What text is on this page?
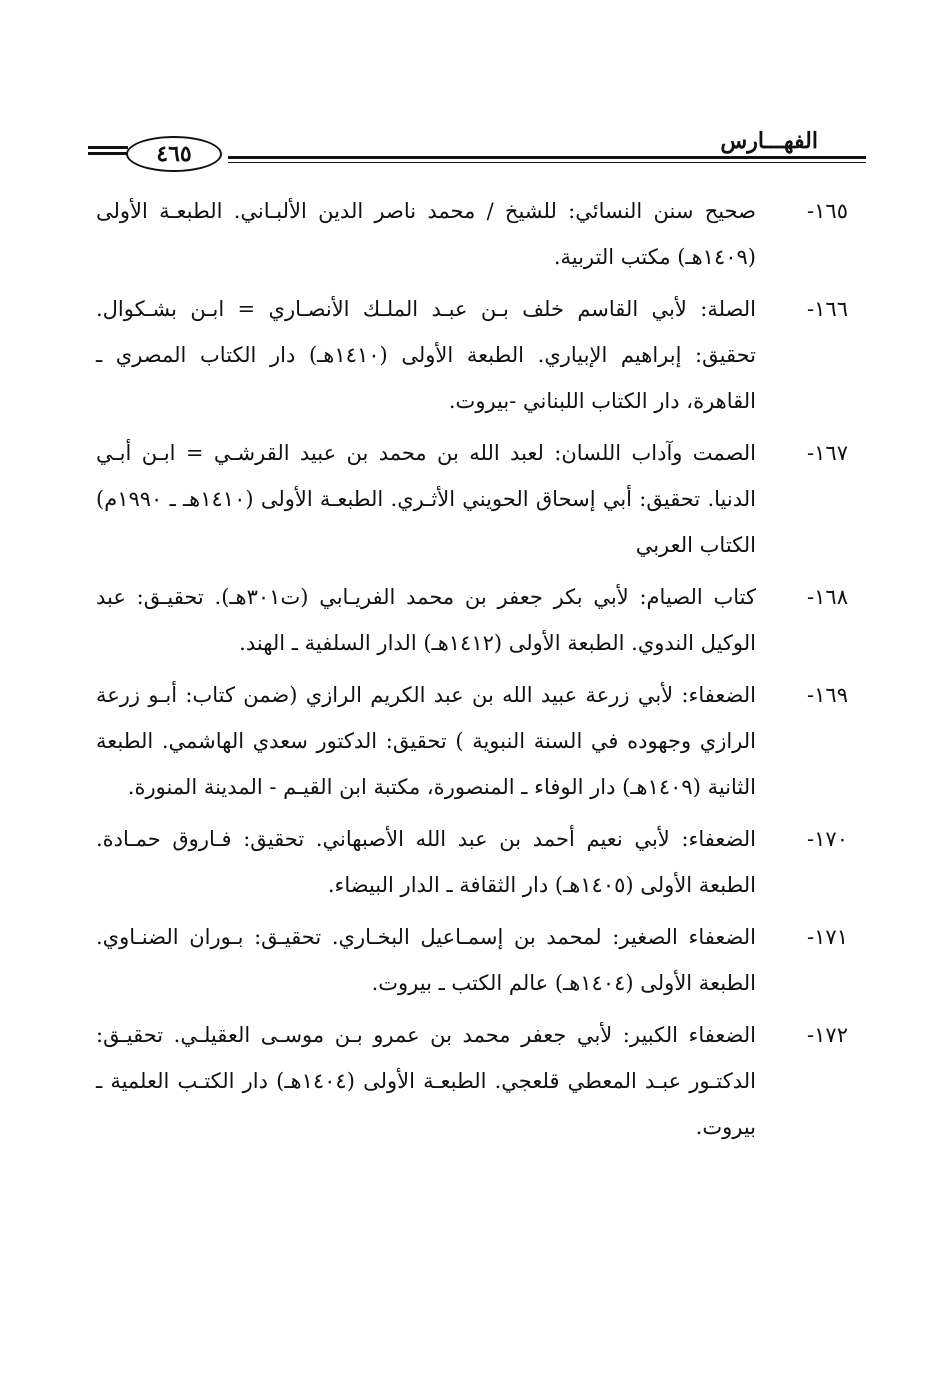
الفهـــارس
٤٦٥
١٦٥-
صحيح سنن النسائي: للشيخ / محمد ناصر الدين الألبـاني. الطبعـة الأولى (١٤٠٩هـ) مكتب التربية.
١٦٦-
الصلة: لأبي القاسم خلف بـن عبـد الملـك الأنصـاري = ابـن بشـكوال. تحقيق: إبراهيم الإبياري. الطبعة الأولى (١٤١٠هـ) دار الكتاب المصري ـ القاهرة، دار الكتاب اللبناني -بيروت.
١٦٧-
الصمت وآداب اللسان: لعبد الله بن محمد بن عبيد القرشـي = ابـن أبـي الدنيا. تحقيق: أبي إسحاق الحويني الأثـري. الطبعـة الأولى (١٤١٠هـ ـ ١٩٩٠م) الكتاب العربي
١٦٨-
كتاب الصيام: لأبي بكر جعفر بن محمد الفريـابي (ت٣٠١هـ). تحقيـق: عبد الوكيل الندوي. الطبعة الأولى (١٤١٢هـ) الدار السلفية ـ الهند.
١٦٩-
الضعفاء: لأبي زرعة عبيد الله بن عبد الكريم الرازي (ضمن كتاب: أبـو زرعة الرازي وجهوده في السنة النبوية ) تحقيق: الدكتور سعدي الهاشمي. الطبعة الثانية (١٤٠٩هـ) دار الوفاء ـ المنصورة، مكتبة ابن القيـم - المدينة المنورة.
١٧٠-
الضعفاء: لأبي نعيم أحمد بن عبد الله الأصبهاني. تحقيق: فـاروق حمـادة. الطبعة الأولى (١٤٠٥هـ) دار الثقافة ـ الدار البيضاء.
١٧١-
الضعفاء الصغير: لمحمد بن إسمـاعيل البخـاري. تحقيـق: بـوران الضنـاوي. الطبعة الأولى (١٤٠٤هـ) عالم الكتب ـ بيروت.
١٧٢-
الضعفاء الكبير: لأبي جعفر محمد بن عمرو بـن موسـى العقيلـي. تحقيـق: الدكتـور عبـد المعطي قلعجي. الطبعـة الأولى (١٤٠٤هـ) دار الكتـب العلمية ـ بيروت.
